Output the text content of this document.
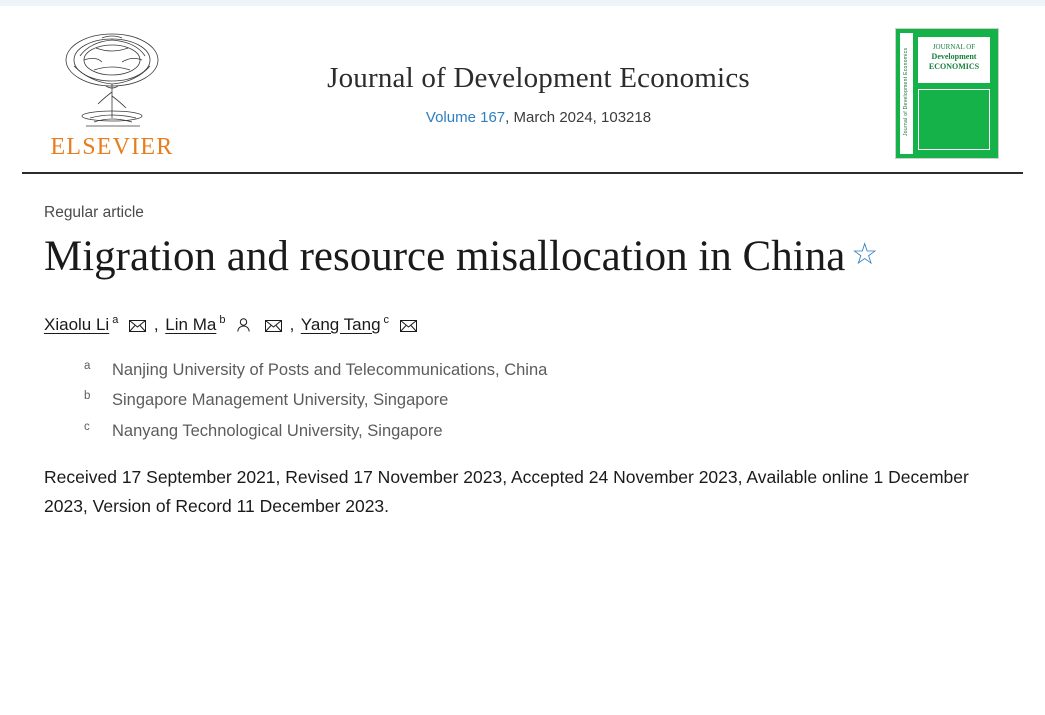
ELSEVIER
Journal of Development Economics
Volume 167, March 2024, 103218	Journal of Development Economics
JOURNAL OF
Development
ECONOMICS
Regular article
Migration and resource misallocation in China ☆
Xiaolu Li $^a$ , Lin Ma $^b$	, Yang Tang $^c$
a	Nanjing University of Posts and Telecommunications, China
b	Singapore Management University, Singapore
c	Nanyang Technological University, Singapore
Received 17 September 2021, Revised 17 November 2023, Accepted 24 November 2023, Available online 1 December 2023, Version of Record 11 December 2023.
